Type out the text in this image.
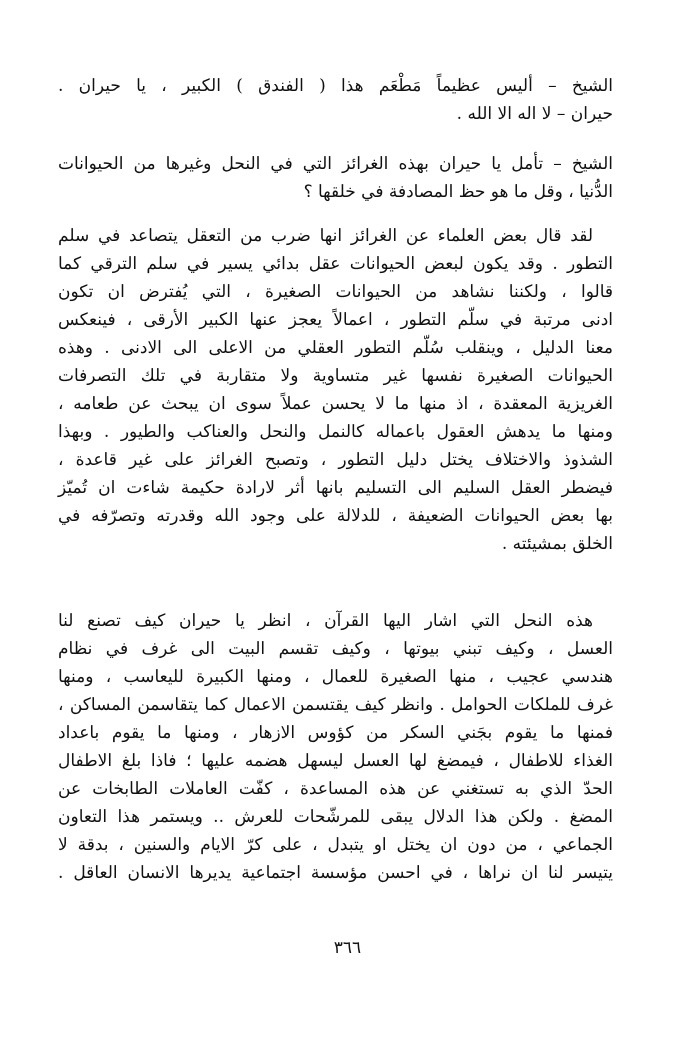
الشيخ – أليس عظيماً مَطْعَم هذا ( الفندق ) الكبير ، يا حيران .
حيران – لا اله الا الله .
الشيخ – تأمل يا حيران بهذه الغرائز التي في النحل وغيرها من الحيوانات
الدُّنيا ، وقل ما هو حظ المصادفة في خلقها ؟
لقد قال بعض العلماء عن الغرائز انها ضرب من التعقل يتصاعد في سلم
التطور . وقد يكون لبعض الحيوانات عقل بدائي يسير في سلم الترقي كما
قالوا ، ولكننا نشاهد من الحيوانات الصغيرة ، التي يُفترض ان تكون
ادنى مرتبة في سلّم التطور ، اعمالاً يعجز عنها الكبير الأرقى ، فينعكس
معنا الدليل ، وينقلب سُلّم التطور العقلي من الاعلى الى الادنى . وهذه
الحيوانات الصغيرة نفسها غير متساوية ولا متقاربة في تلك التصرفات
الغريزية المعقدة ، اذ منها ما لا يحسن عملاً سوى ان يبحث عن طعامه ،
ومنها ما يدهش العقول باعماله كالنمل والنحل والعناكب والطيور . وبهذا
الشذوذ والاختلاف يختل دليل التطور ، وتصبح الغرائز على غير قاعدة ،
فيضطر العقل السليم الى التسليم بانها أثر لارادة حكيمة شاءت ان تُميّز
بها بعض الحيوانات الضعيفة ، للدلالة على وجود الله وقدرته وتصرّفه في
الخلق بمشيئته .
هذه النحل التي اشار اليها القرآن ، انظر يا حيران كيف تصنع لنا
العسل ، وكيف تبني بيوتها ، وكيف تقسم البيت الى غرف في نظام
هندسي عجيب ، منها الصغيرة للعمال ، ومنها الكبيرة لليعاسب ، ومنها
غرف للملكات الحوامل . وانظر كيف يقتسمن الاعمال كما يتقاسمن المساكن ،
فمنها ما يقوم بجَني السكر من كؤوس الازهار ، ومنها ما يقوم باعداد
الغذاء للاطفال ، فيمضغ لها العسل ليسهل هضمه عليها ؛ فاذا بلغ الاطفال
الحدّ الذي به تستغني عن هذه المساعدة ، كفّت العاملات الطابخات عن
المضغ . ولكن هذا الدلال يبقى للمرشّحات للعرش .. ويستمر هذا التعاون
الجماعي ، من دون ان يختل او يتبدل ، على كرّ الايام والسنين ، بدقة لا
يتيسر لنا ان نراها ، في احسن مؤسسة اجتماعية يديرها الانسان العاقل .
٣٦٦
